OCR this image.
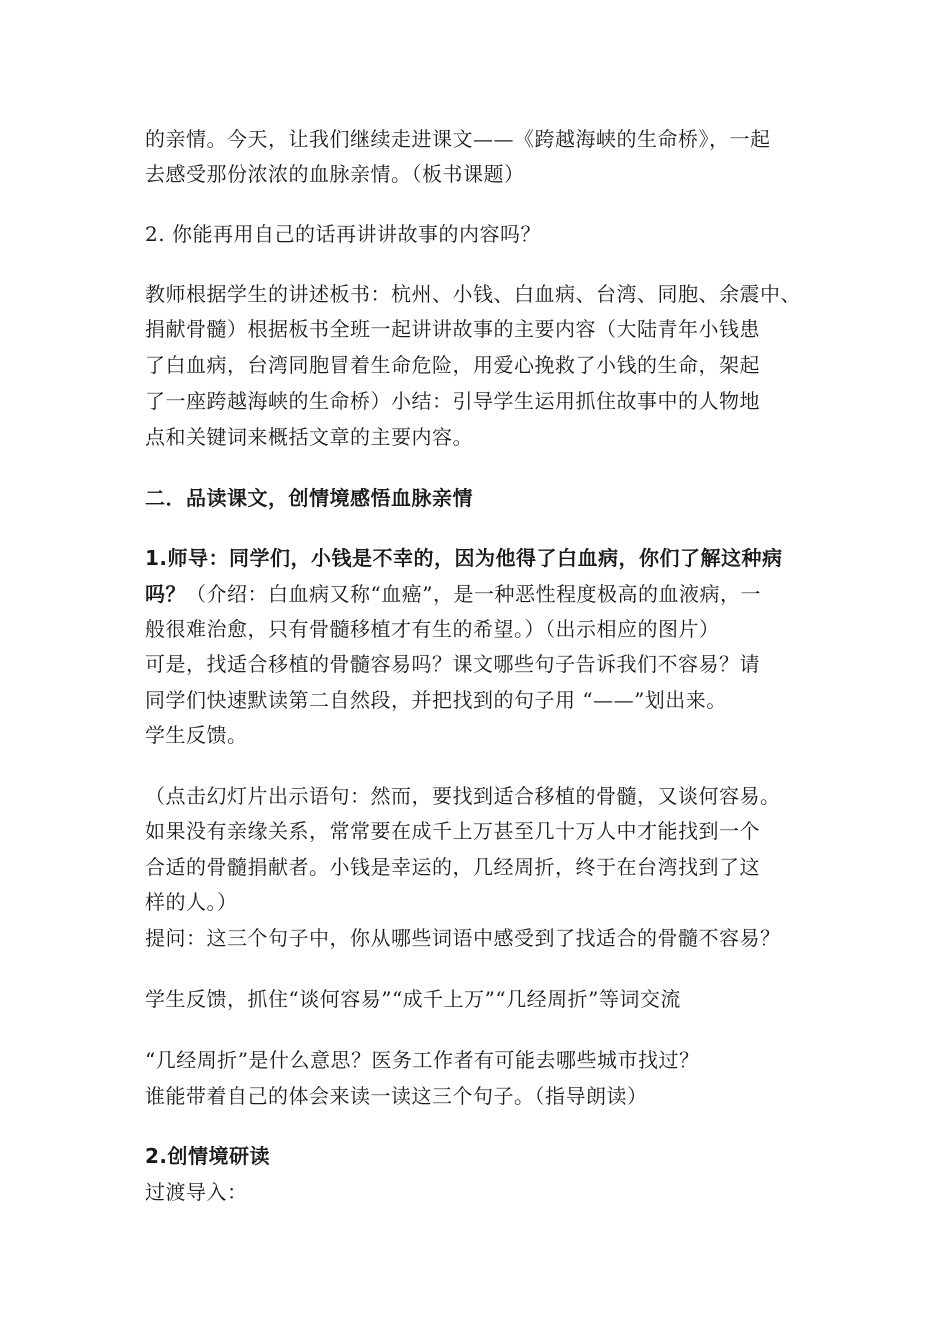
的亲情。今天，让我们继续走进课文——《跨越海峡的生命桥》，一起
去感受那份浓浓的血脉亲情。（板书课题）
2. 你能再用自己的话再讲讲故事的内容吗？
教师根据学生的讲述板书：杭州、小钱、白血病、台湾、同胞、余震中、
捐献骨髓）根据板书全班一起讲讲故事的主要内容（大陆青年小钱患
了白血病，台湾同胞冒着生命危险，用爱心挽救了小钱的生命，架起
了一座跨越海峡的生命桥）小结：引导学生运用抓住故事中的人物地
点和关键词来概括文章的主要内容。
二．品读课文，创情境感悟血脉亲情
1.师导：同学们，小钱是不幸的，因为他得了白血病，你们了解这种病
吗？（介绍：白血病又称“血癌”，是一种恶性程度极高的血液病，一
般很难治愈，只有骨髓移植才有生的希望。）（出示相应的图片）
可是，找适合移植的骨髓容易吗？课文哪些句子告诉我们不容易？请
同学们快速默读第二自然段，并把找到的句子用 “——”划出来。
学生反馈。
（点击幻灯片出示语句：然而，要找到适合移植的骨髓，又谈何容易。
如果没有亲缘关系，常常要在成千上万甚至几十万人中才能找到一个
合适的骨髓捐献者。小钱是幸运的，几经周折，终于在台湾找到了这
样的人。）
提问：这三个句子中，你从哪些词语中感受到了找适合的骨髓不容易？
学生反馈，抓住“谈何容易”“成千上万”“几经周折”等词交流
“几经周折”是什么意思？医务工作者有可能去哪些城市找过？
谁能带着自己的体会来读一读这三个句子。（指导朗读）
2.创情境研读
过渡导入：
